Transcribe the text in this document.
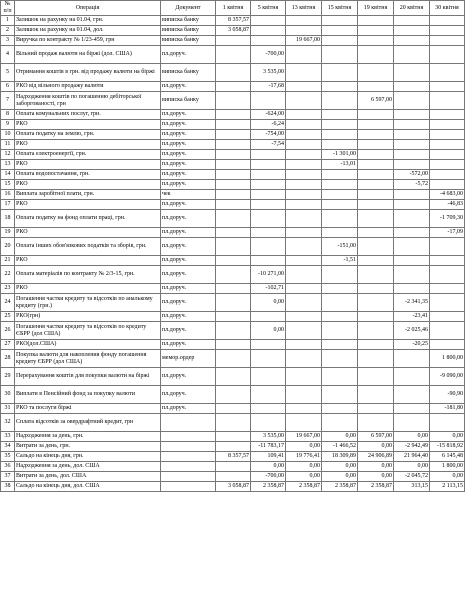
№ п/п	Операція	Документ	1 квітня	5 квітня	13 квітня	15 квітня	19 квітня	20 квітня	30 квітня
1	Залишок на рахунку на 01.04, грн.	виписка банку	8 357,57						
2	Залишок на рахунку на 01.04, дол.	виписка банку	3 058,87						
3	Виручка по контракту № 1/23-459, грн	виписка банку			19 667,00				
4	Вільний продаж валюти на біржі (дол. США)	пл.доруч.		-700,00					
5	Отримання коштів в грн. від продажу валюти на біржі	виписка банку		3 535,00					
6	РКО від вільного продажу валюти	пл.доруч.		-17,68					
7	Надходження коштів по погашенню дебіторської заборгованості, грн	виписка банку					6 597,00		
8	Оплата комунальних послуг, грн.	пл.доруч.		-624,00					
9	РКО	пл.доруч.		-6,24					
10	Оплата податку на землю, грн.	пл.доруч.		-754,00					
11	РКО	пл.доруч.		-7,54					
12	Оплата електроенергії, грн.	пл.доруч.				-1 301,00			
13	РКО	пл.доруч.				-13,01			
14	Оплата водопостачання, грн.	пл.доруч.						-572,00	
15	РКО	пл.доруч.						-5,72	
16	Виплата заробітної плати, грн.	чек							-4 683,00
17	РКО	пл.доруч.							-46,83
18	Оплата податку на фонд оплати праці, грн.	пл.доруч.							-1 709,30
19	РКО	пл.доруч.							-17,09
20	Оплата інших обов'язкових податків та зборів, грн.	пл.доруч.				-151,00			
21	РКО	пл.доруч.				-1,51			
22	Оплата матеріалів по контракту № 2/3-15, грн.	пл.доруч.		-10 271,00					
23	РКО	пл.доруч.		-102,71					
24	Погашення частки кредиту та відсотків по аналькому кредиту (грн.)	пл.доруч.		0,00				-2 341,35	
25	РКО(грн)	пл.доруч.						-23,41	
26	Погашення частки кредиту та відсотків по кредиту ЄБРР (дол США)	пл.доруч.		0,00				-2 025,46	
27	РКО(дол.США)	пл.доруч.						-20,25	
28	Покупка валюти для накопления фонду погашення кредиту ЄБРР (дол США)	мемор.ордер							1 800,00
29	Перерахування коштів для покупки валюти на біржі	пл.доруч.							-9 090,00
30	Виплати в Пенсійний фонд за покупку валюти	пл.доруч.							-90,90
31	РКО та послуги біржі	пл.доруч.							-181,80
32	Сплата відсотків за овердрафтний кредит, грн								
33	Надходження за день, грн.			3 535,00	19 667,00	0,00	6 597,00	0,00	0,00
34	Витрати за день, грн.			-11 783,17	0,00	-1 466,52	0,00	-2 942,49	-15 818,92
35	Сальдо на кінець дня, грн.		8 357,57	109,41	19 776,41	18 309,89	24 906,89	21 964,40	6 145,48
36	Надходження за день, дол. США			0,00	0,00	0,00	0,00	0,00	1 800,00
37	Витрати за день, дол. США			-700,00	0,00	0,00	0,00	-2 045,72	0,00
38	Сальдо на кінець дня, дол. США		3 058,87	2 358,87	2 358,87	2 358,87	2 358,87	313,15	2 113,15
